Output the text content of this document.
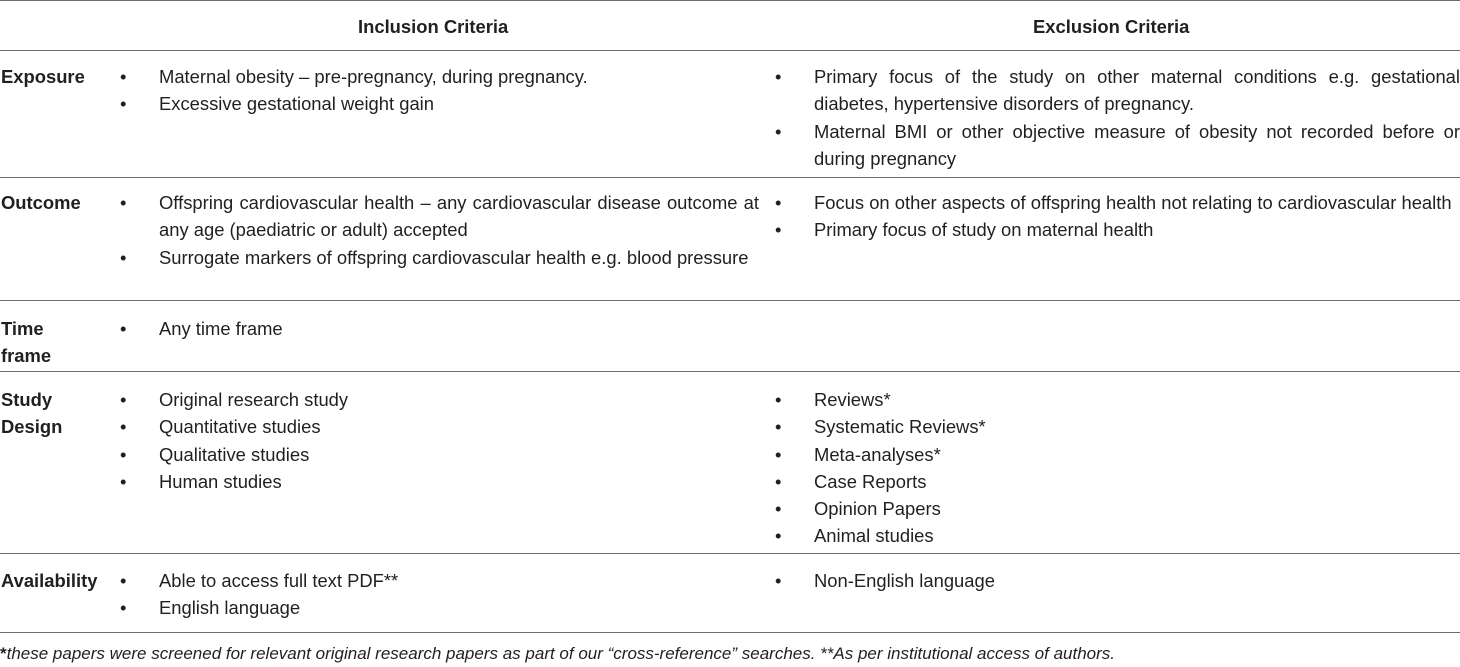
Inclusion Criteria	Exclusion Criteria
Exposure • Maternal obesity – pre-pregnancy, during pregnancy.
• Excessive gestational weight gain
• Primary focus of the study on other maternal conditions e.g. gestational diabetes, hypertensive disorders of pregnancy.
• Maternal BMI or other objective measure of obesity not recorded before or during pregnancy
Outcome • Offspring cardiovascular health – any cardiovascular disease outcome at any age (paediatric or adult) accepted
• Surrogate markers of offspring cardiovascular health e.g. blood pressure
• Focus on other aspects of offspring health not relating to cardiovascular health
• Primary focus of study on maternal health
Time
frame
• Any time frame
Study
Design
• Original research study
• Quantitative studies
• Qualitative studies
• Human studies
• Reviews*
• Systematic Reviews*
• Meta-analyses*
• Case Reports
• Opinion Papers
• Animal studies
Availability • Able to access full text PDF**
• English language
• Non-English language
*these papers were screened for relevant original research papers as part of our “cross-reference” searches. **As per institutional access of authors.
